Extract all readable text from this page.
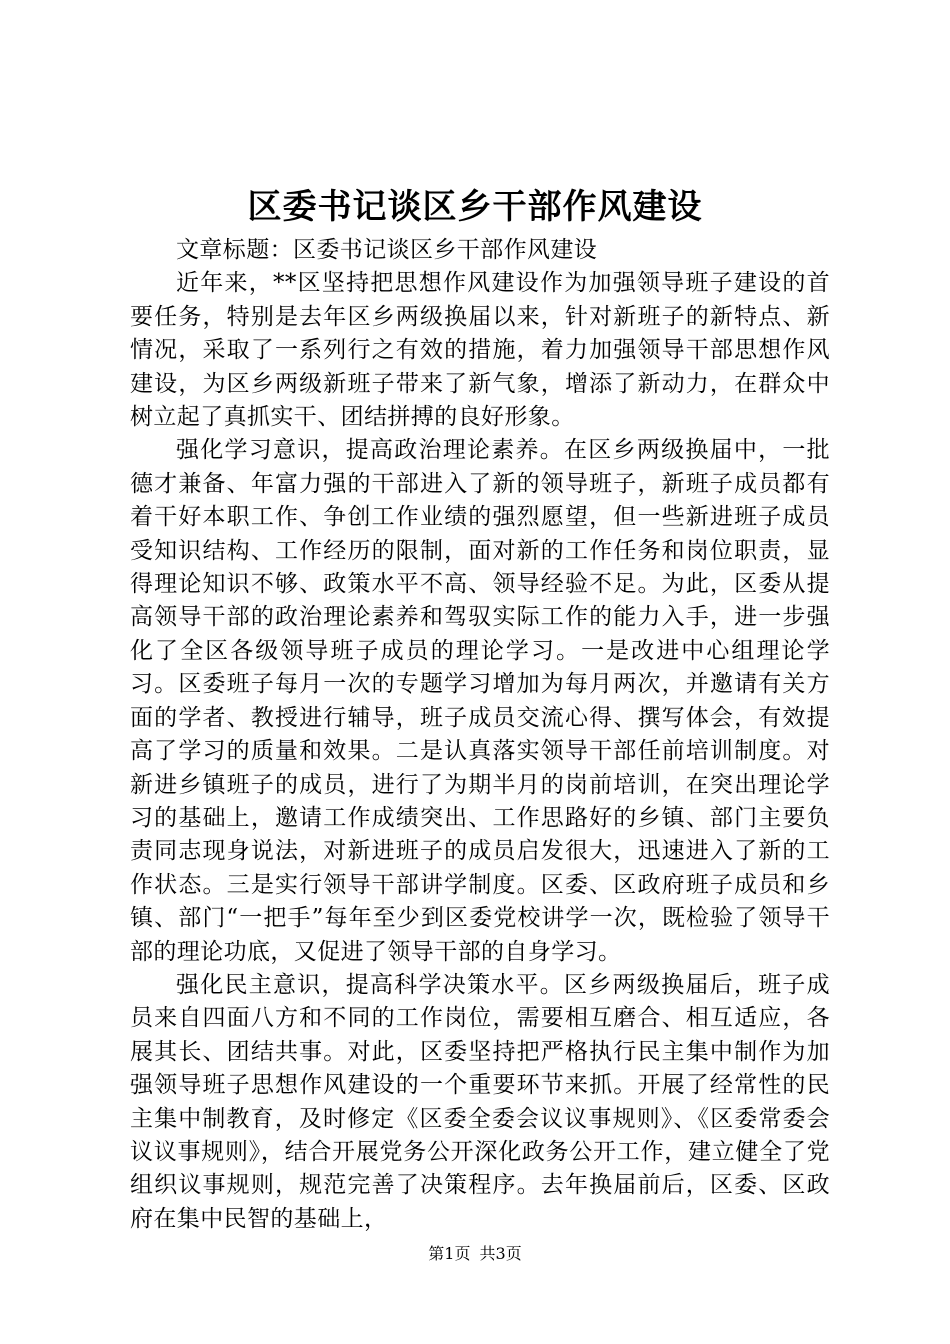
区委书记谈区乡干部作风建设

文章标题：区委书记谈区乡干部作风建设

近年来，**区坚持把思想作风建设作为加强领导班子建设的首要任务，特别是去年区乡两级换届以来，针对新班子的新特点、新情况，采取了一系列行之有效的措施，着力加强领导干部思想作风建设，为区乡两级新班子带来了新气象，增添了新动力，在群众中树立起了真抓实干、团结拼搏的良好形象。

强化学习意识，提高政治理论素养。在区乡两级换届中，一批德才兼备、年富力强的干部进入了新的领导班子，新班子成员都有着干好本职工作、争创工作业绩的强烈愿望，但一些新进班子成员受知识结构、工作经历的限制，面对新的工作任务和岗位职责，显得理论知识不够、政策水平不高、领导经验不足。为此，区委从提高领导干部的政治理论素养和驾驭实际工作的能力入手，进一步强化了全区各级领导班子成员的理论学习。一是改进中心组理论学习。区委班子每月一次的专题学习增加为每月两次，并邀请有关方面的学者、教授进行辅导，班子成员交流心得、撰写体会，有效提高了学习的质量和效果。二是认真落实领导干部任前培训制度。对新进乡镇班子的成员，进行了为期半月的岗前培训，在突出理论学习的基础上，邀请工作成绩突出、工作思路好的乡镇、部门主要负责同志现身说法，对新进班子的成员启发很大，迅速进入了新的工作状态。三是实行领导干部讲学制度。区委、区政府班子成员和乡镇、部门“一把手”每年至少到区委党校讲学一次，既检验了领导干部的理论功底，又促进了领导干部的自身学习。

强化民主意识，提高科学决策水平。区乡两级换届后，班子成员来自四面八方和不同的工作岗位，需要相互磨合、相互适应，各展其长、团结共事。对此，区委坚持把严格执行民主集中制作为加强领导班子思想作风建设的一个重要环节来抓。开展了经常性的民主集中制教育，及时修定《区委全委会议议事规则》、《区委常委会议议事规则》，结合开展党务公开深化政务公开工作，建立健全了党组织议事规则，规范完善了决策程序。去年换届前后，区委、区政府在集中民智的基础上，

第1页 共3页
